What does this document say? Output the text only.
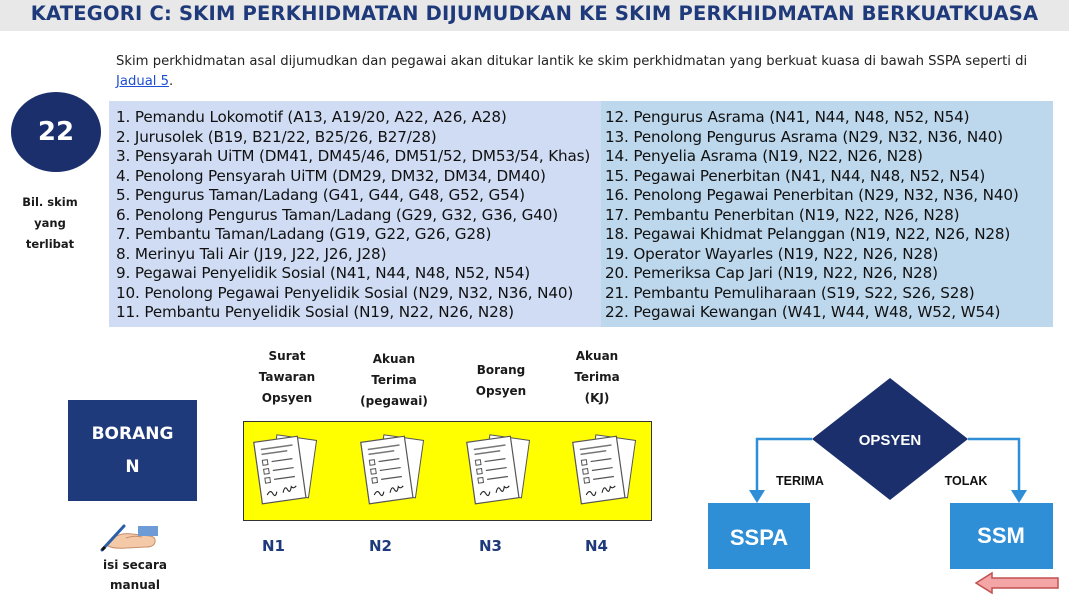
KATEGORI C: SKIM PERKHIDMATAN DIJUMUDKAN KE SKIM PERKHIDMATAN BERKUATKUASA
Skim perkhidmatan asal dijumudkan dan pegawai akan ditukar lantik ke skim perkhidmatan yang berkuat kuasa di bawah SSPA seperti di Jadual 5.
22
Bil. skim
yang
terlibat
1. Pemandu Lokomotif (A13, A19/20, A22, A26, A28)
2. Jurusolek (B19, B21/22, B25/26, B27/28)
3. Pensyarah UiTM (DM41, DM45/46, DM51/52, DM53/54, Khas)
4. Penolong Pensyarah UiTM (DM29, DM32, DM34, DM40)
5. Pengurus Taman/Ladang (G41, G44, G48, G52, G54)
6. Penolong Pengurus Taman/Ladang (G29, G32, G36, G40)
7. Pembantu Taman/Ladang (G19, G22, G26, G28)
8. Merinyu Tali Air (J19, J22, J26, J28)
9. Pegawai Penyelidik Sosial (N41, N44, N48, N52, N54)
10. Penolong Pegawai Penyelidik Sosial (N29, N32, N36, N40)
11. Pembantu Penyelidik Sosial (N19, N22, N26, N28)
12. Pengurus Asrama (N41, N44, N48, N52, N54)
13. Penolong Pengurus Asrama (N29, N32, N36, N40)
14. Penyelia Asrama (N19, N22, N26, N28)
15. Pegawai Penerbitan (N41, N44, N48, N52, N54)
16. Penolong Pegawai Penerbitan (N29, N32, N36, N40)
17. Pembantu Penerbitan (N19, N22, N26, N28)
18. Pegawai Khidmat Pelanggan (N19, N22, N26, N28)
19. Operator Wayarles (N19, N22, N26, N28)
20. Pemeriksa Cap Jari (N19, N22, N26, N28)
21. Pembantu Pemuliharaan (S19, S22, S26, S28)
22. Pegawai Kewangan (W41, W44, W48, W52, W54)
BORANG
N
isi secara
manual
Surat
Tawaran
Opsyen
Akuan
Terima
(pegawai)
Borang
Opsyen
Akuan
Terima
(KJ)
N1	N2	N3	N4
OPSYEN
TERIMA	TOLAK
SSPA	SSM
